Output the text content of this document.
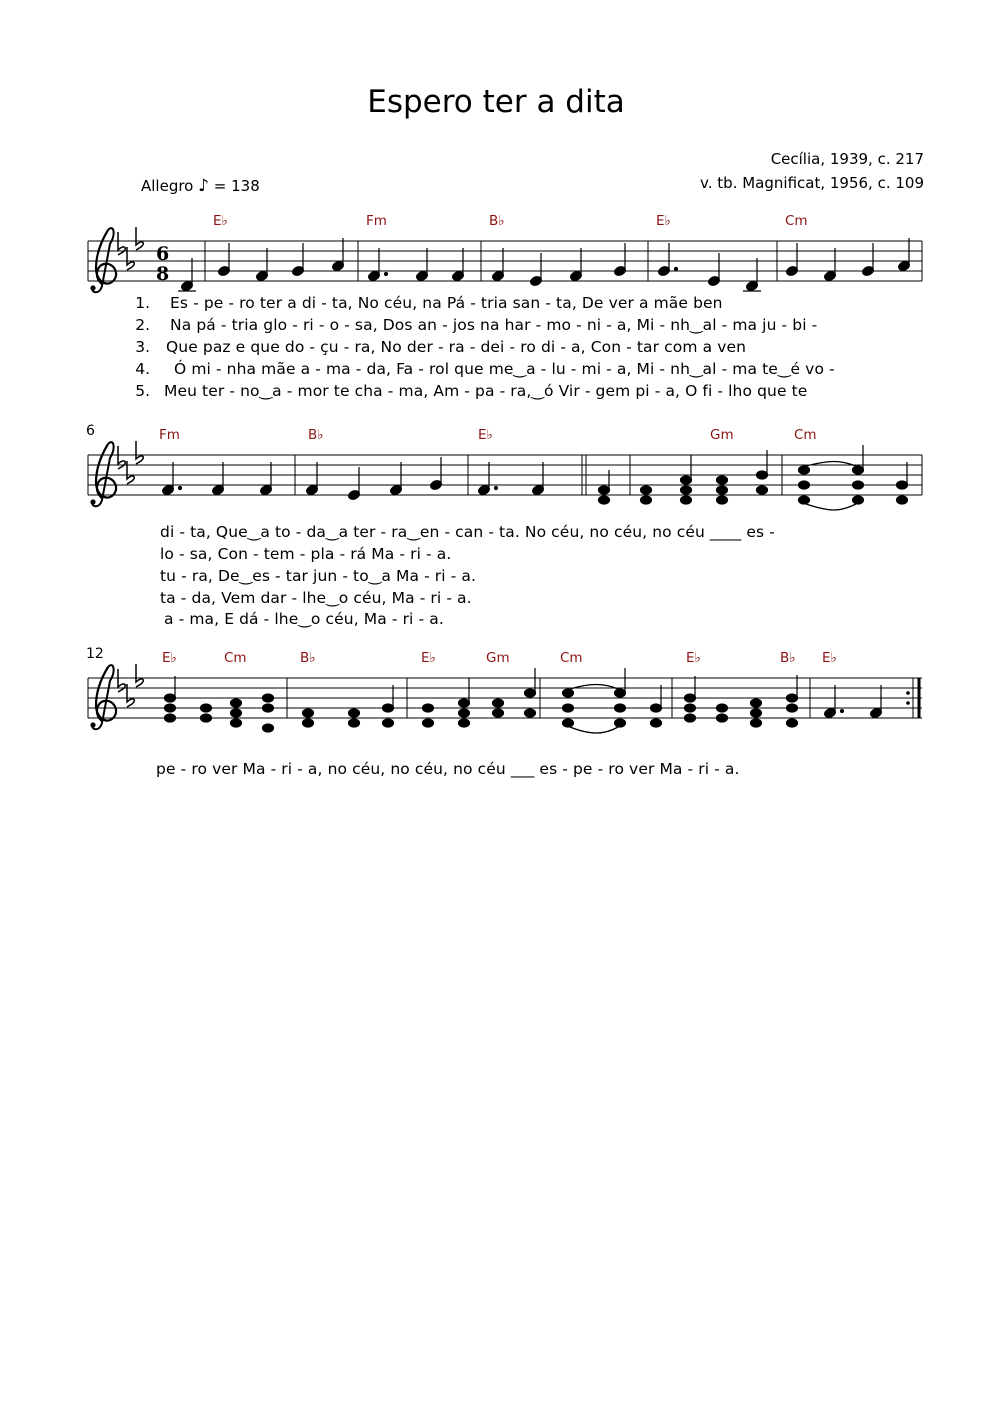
Espero ter a dita
Cecília, 1939, c. 217
v. tb. Magnificat, 1956, c. 109
Allegro ♪ = 138
6
8
E♭	Fm	B♭	E♭	Cm
1. Es - pe - ro ter a di - ta, No céu, na Pá - tria san - ta, De ver a mãe ben
2. Na pá - tria glo - ri - o - sa, Dos an - jos na har - mo - ni - a, Mi - nh‿al - ma ju - bi -
3. Que paz e que do - çu - ra, No der - ra - dei - ro di - a, Con - tar com a ven
4. Ó mi - nha mãe a - ma - da, Fa - rol que me‿a - lu - mi - a, Mi - nh‿al - ma te‿é vo -
5. Meu ter - no‿a - mor te cha - ma, Am - pa - ra,‿ó Vir - gem pi - a, O fi - lho que te
6	Fm	B♭	E♭	Gm	Cm
di - ta, Que‿a to - da‿a ter - ra‿en - can - ta. No céu, no céu, no céu ____ es -
lo - sa, Con - tem - pla - rá Ma - ri - a.
tu - ra, De‿es - tar jun - to‿a Ma - ri - a.
ta - da, Vem dar - lhe‿o céu, Ma - ri - a.
a - ma, E dá - lhe‿o céu, Ma - ri - a.
12	E♭	Cm	B♭	E♭	Gm	Cm	E♭	B♭ E♭
pe - ro ver Ma - ri - a, no céu, no céu, no céu ___ es - pe - ro ver Ma - ri - a.
